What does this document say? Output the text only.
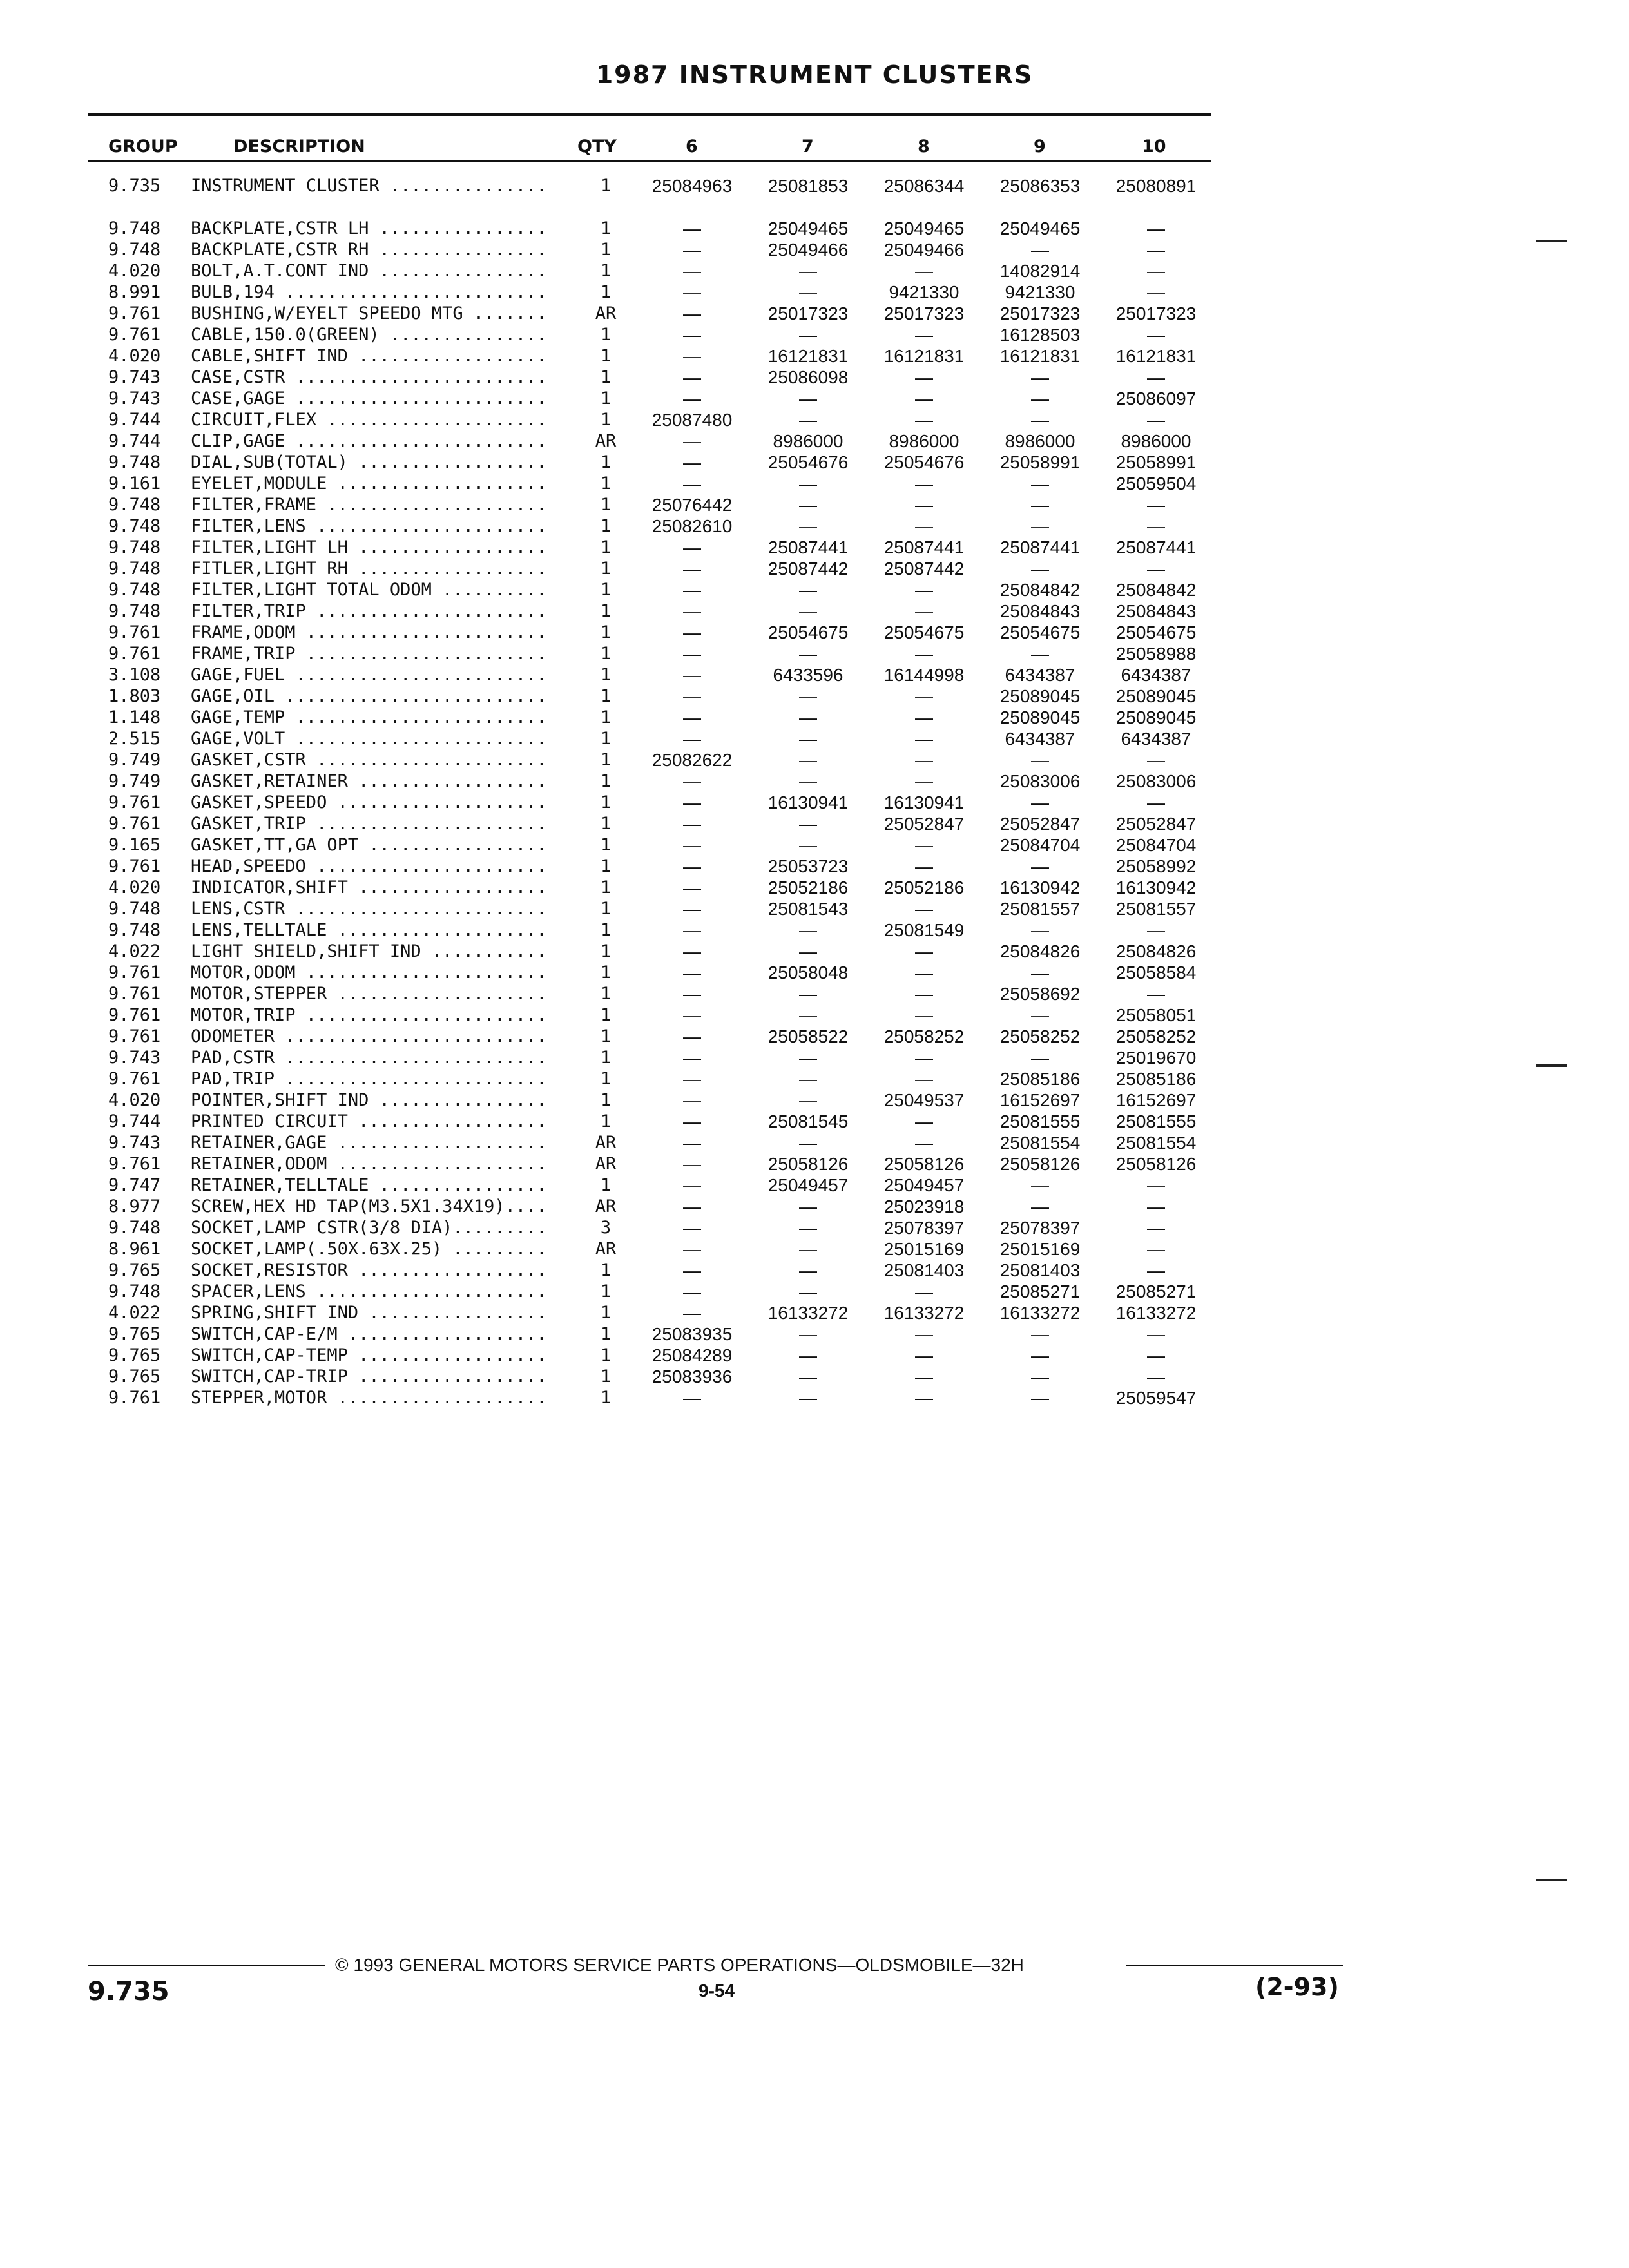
1987 INSTRUMENT CLUSTERS
GROUP	DESCRIPTION	QTY	6	7	8	9	10
9.735 INSTRUMENT CLUSTER ...............	1	25084963	25081853	25086344	25086353	25080891
9.748 BACKPLATE,CSTR LH ................	1	—	25049465	25049465	25049465	—
9.748 BACKPLATE,CSTR RH ................	1	—	25049466	25049466	—	—
4.020 BOLT,A.T.CONT IND ................	1	—	—	—	14082914	—
8.991 BULB,194 .........................	1	—	—	9421330	9421330	—
9.761 BUSHING,W/EYELT SPEEDO MTG .......	AR	—	25017323	25017323	25017323	25017323
9.761 CABLE,150.0(GREEN) ...............	1	—	—	—	16128503	—
4.020 CABLE,SHIFT IND ..................	1	—	16121831	16121831	16121831	16121831
9.743 CASE,CSTR ........................	1	—	25086098	—	—	—
9.743 CASE,GAGE ........................	1	—	—	—	—	25086097
9.744 CIRCUIT,FLEX .....................	1	25087480	—	—	—	—
9.744 CLIP,GAGE ........................	AR	—	8986000	8986000	8986000	8986000
9.748 DIAL,SUB(TOTAL) ..................	1	—	25054676	25054676	25058991	25058991
9.161 EYELET,MODULE ....................	1	—	—	—	—	25059504
9.748 FILTER,FRAME .....................	1	25076442	—	—	—	—
9.748 FILTER,LENS ......................	1	25082610	—	—	—	—
9.748 FILTER,LIGHT LH ..................	1	—	25087441	25087441	25087441	25087441
9.748 FITLER,LIGHT RH ..................	1	—	25087442	25087442	—	—
9.748 FILTER,LIGHT TOTAL ODOM ..........	1	—	—	—	25084842	25084842
9.748 FILTER,TRIP ......................	1	—	—	—	25084843	25084843
9.761 FRAME,ODOM .......................	1	—	25054675	25054675	25054675	25054675
9.761 FRAME,TRIP .......................	1	—	—	—	—	25058988
3.108 GAGE,FUEL ........................	1	—	6433596	16144998	6434387	6434387
1.803 GAGE,OIL .........................	1	—	—	—	25089045	25089045
1.148 GAGE,TEMP ........................	1	—	—	—	25089045	25089045
2.515 GAGE,VOLT ........................	1	—	—	—	6434387	6434387
9.749 GASKET,CSTR ......................	1	25082622	—	—	—	—
9.749 GASKET,RETAINER ..................	1	—	—	—	25083006	25083006
9.761 GASKET,SPEEDO ....................	1	—	16130941	16130941	—	—
9.761 GASKET,TRIP ......................	1	—	—	25052847	25052847	25052847
9.165 GASKET,TT,GA OPT .................	1	—	—	—	25084704	25084704
9.761 HEAD,SPEEDO ......................	1	—	25053723	—	—	25058992
4.020 INDICATOR,SHIFT ..................	1	—	25052186	25052186	16130942	16130942
9.748 LENS,CSTR ........................	1	—	25081543	—	25081557	25081557
9.748 LENS,TELLTALE ....................	1	—	—	25081549	—	—
4.022 LIGHT SHIELD,SHIFT IND ...........	1	—	—	—	25084826	25084826
9.761 MOTOR,ODOM .......................	1	—	25058048	—	—	25058584
9.761 MOTOR,STEPPER ....................	1	—	—	—	25058692	—
9.761 MOTOR,TRIP .......................	1	—	—	—	—	25058051
9.761 ODOMETER .........................	1	—	25058522	25058252	25058252	25058252
9.743 PAD,CSTR .........................	1	—	—	—	—	25019670
9.761 PAD,TRIP .........................	1	—	—	—	25085186	25085186
4.020 POINTER,SHIFT IND ................	1	—	—	25049537	16152697	16152697
9.744 PRINTED CIRCUIT ..................	1	—	25081545	—	25081555	25081555
9.743 RETAINER,GAGE ....................	AR	—	—	—	25081554	25081554
9.761 RETAINER,ODOM ....................	AR	—	25058126	25058126	25058126	25058126
9.747 RETAINER,TELLTALE ................	1	—	25049457	25049457	—	—
8.977 SCREW,HEX HD TAP(M3.5X1.34X19)....	AR	—	—	25023918	—	—
9.748 SOCKET,LAMP CSTR(3/8 DIA).........	3	—	—	25078397	25078397	—
8.961 SOCKET,LAMP(.50X.63X.25) .........	AR	—	—	25015169	25015169	—
9.765 SOCKET,RESISTOR ..................	1	—	—	25081403	25081403	—
9.748 SPACER,LENS ......................	1	—	—	—	25085271	25085271
4.022 SPRING,SHIFT IND .................	1	—	16133272	16133272	16133272	16133272
9.765 SWITCH,CAP-E/M ...................	1	25083935	—	—	—	—
9.765 SWITCH,CAP-TEMP ..................	1	25084289	—	—	—	—
9.765 SWITCH,CAP-TRIP ..................	1	25083936	—	—	—	—
9.761 STEPPER,MOTOR ....................	1	—	—	—	—	25059547
© 1993 GENERAL MOTORS SERVICE PARTS OPERATIONS—OLDSMOBILE—32H
9.735	9-54	(2-93)
